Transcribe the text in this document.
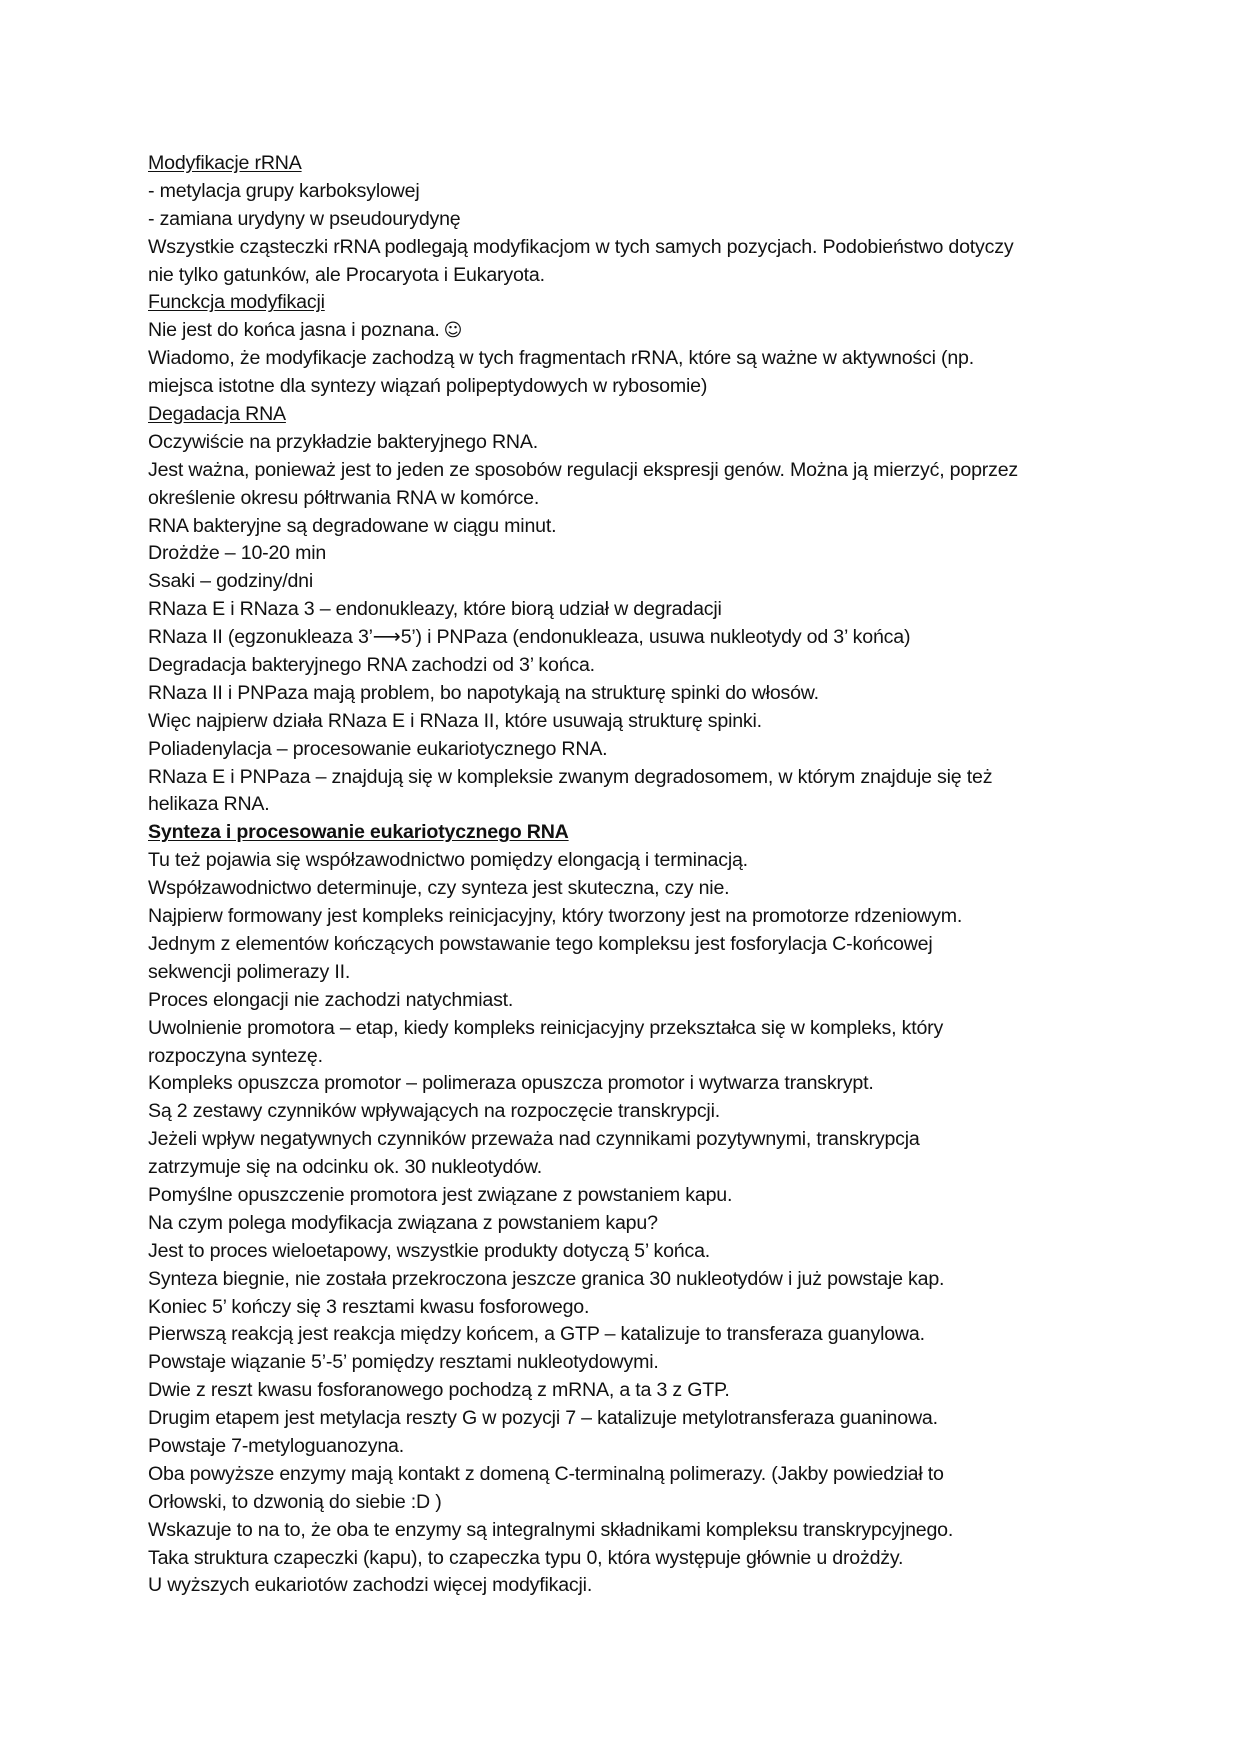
Modyfikacje rRNA
- metylacja grupy karboksylowej
- zamiana urydyny w pseudourydynę
Wszystkie cząsteczki rRNA podlegają modyfikacjom w tych samych pozycjach. Podobieństwo dotyczy
nie tylko gatunków, ale Procaryota i Eukaryota.
Funckcja modyfikacji
Nie jest do końca jasna i poznana. ☺
Wiadomo, że modyfikacje zachodzą w tych fragmentach rRNA, które są ważne w aktywności (np.
miejsca istotne dla syntezy wiązań polipeptydowych w rybosomie)
Degadacja RNA
Oczywiście na przykładzie bakteryjnego RNA.
Jest ważna, ponieważ jest to jeden ze sposobów regulacji ekspresji genów. Można ją mierzyć, poprzez
określenie okresu półtrwania RNA w komórce.
RNA bakteryjne są degradowane w ciągu minut.
Drożdże – 10-20 min
Ssaki – godziny/dni
RNaza E i RNaza 3 – endonukleazy, które biorą udział w degradacji
RNaza II (egzonukleaza 3’⟶5’) i PNPaza (endonukleaza, usuwa nukleotydy od 3’ końca)
Degradacja bakteryjnego RNA zachodzi od 3’ końca.
RNaza II i PNPaza mają problem, bo napotykają na strukturę spinki do włosów.
Więc najpierw działa RNaza E i RNaza II, które usuwają strukturę spinki.
Poliadenylacja – procesowanie eukariotycznego RNA.
RNaza E i PNPaza – znajdują się w kompleksie zwanym degradosomem, w którym znajduje się też
helikaza RNA.
Synteza i procesowanie eukariotycznego RNA
Tu też pojawia się współzawodnictwo pomiędzy elongacją i terminacją.
Współzawodnictwo determinuje, czy synteza jest skuteczna, czy nie.
Najpierw formowany jest kompleks reinicjacyjny, który tworzony jest na promotorze rdzeniowym.
Jednym z elementów kończących powstawanie tego kompleksu jest fosforylacja C-końcowej
sekwencji polimerazy II.
Proces elongacji nie zachodzi natychmiast.
Uwolnienie promotora – etap, kiedy kompleks reinicjacyjny przekształca się w kompleks, który
rozpoczyna syntezę.
Kompleks opuszcza promotor – polimeraza opuszcza promotor i wytwarza transkrypt.
Są 2 zestawy czynników wpływających na rozpoczęcie transkrypcji.
Jeżeli wpływ negatywnych czynników przeważa nad czynnikami pozytywnymi, transkrypcja
zatrzymuje się na odcinku ok. 30 nukleotydów.
Pomyślne opuszczenie promotora jest związane z powstaniem kapu.
Na czym polega modyfikacja związana z powstaniem kapu?
Jest to proces wieloetapowy, wszystkie produkty dotyczą 5’ końca.
Synteza biegnie, nie została przekroczona jeszcze granica 30 nukleotydów i już powstaje kap.
Koniec 5’ kończy się 3 resztami kwasu fosforowego.
Pierwszą reakcją jest reakcja między końcem, a GTP – katalizuje to transferaza guanylowa.
Powstaje wiązanie 5’-5’ pomiędzy resztami nukleotydowymi.
Dwie z reszt kwasu fosforanowego pochodzą z mRNA, a ta 3 z GTP.
Drugim etapem jest metylacja reszty G w pozycji 7 – katalizuje metylotransferaza guaninowa.
Powstaje 7-metyloguanozyna.
Oba powyższe enzymy mają kontakt z domeną C-terminalną polimerazy. (Jakby powiedział to
Orłowski, to dzwonią do siebie :D )
Wskazuje to na to, że oba te enzymy są integralnymi składnikami kompleksu transkrypcyjnego.
Taka struktura czapeczki (kapu), to czapeczka typu 0, która występuje głównie u drożdży.
U wyższych eukariotów zachodzi więcej modyfikacji.
